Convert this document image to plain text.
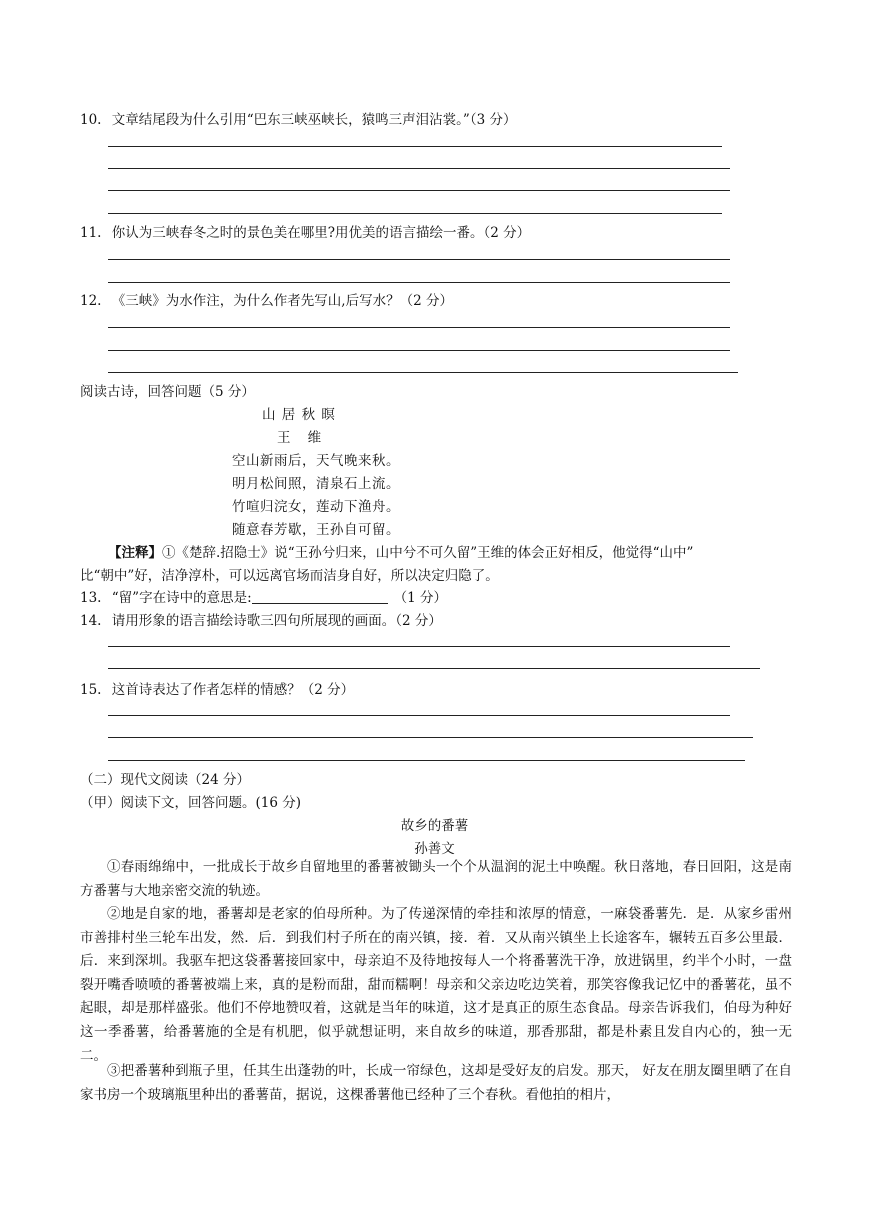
10. 文章结尾段为什么引用“巴东三峡巫峡长，猿鸣三声泪沾裳。”（3 分）
11. 你认为三峡春冬之时的景色美在哪里?用优美的语言描绘一番。（2 分）
12. 《三峡》为水作注，为什么作者先写山,后写水？（2 分）
阅读古诗，回答问题（5 分）
山 居 秋 暝
王    维
空山新雨后，天气晚来秋。
明月松间照，清泉石上流。
竹喧归浣女，莲动下渔舟。
随意春芳歇，王孙自可留。
【注释】①《楚辞.招隐士》说“王孙兮归来，山中兮不可久留”王维的体会正好相反，他觉得“山中”
比“朝中”好，洁净淳朴，可以远离官场而洁身自好，所以决定归隐了。
13. “留”字在诗中的意思是:	（1 分）
14. 请用形象的语言描绘诗歌三四句所展现的画面。（2 分）
15. 这首诗表达了作者怎样的情感？（2 分）
（二）现代文阅读（24 分）
（甲）阅读下文，回答问题。(16 分)
故乡的番薯
孙善文
①春雨绵绵中，一批成长于故乡自留地里的番薯被锄头一个个从温润的泥土中唤醒。秋日落地，春日回阳，这是南方番薯与大地亲密交流的轨迹。
②地是自家的地，番薯却是老家的伯母所种。为了传递深情的牵挂和浓厚的情意，一麻袋番薯先．是．从家乡雷州市善排村坐三轮车出发，然．后．到我们村子所在的南兴镇，接．着．又从南兴镇坐上长途客车，辗转五百多公里最．后．来到深圳。我驱车把这袋番薯接回家中，母亲迫不及待地按每人一个将番薯洗干净，放进锅里，约半个小时，一盘裂开嘴香喷喷的番薯被端上来，真的是粉而甜，甜而糯啊！母亲和父亲边吃边笑着，那笑容像我记忆中的番薯花，虽不起眼，却是那样盛张。他们不停地赞叹着，这就是当年的味道，这才是真正的原生态食品。母亲告诉我们，伯母为种好这一季番薯，给番薯施的全是有机肥，似乎就想证明，来自故乡的味道，那香那甜，都是朴素且发自内心的，独一无二。
③把番薯种到瓶子里，任其生出蓬勃的叶，长成一帘绿色，这却是受好友的启发。那天， 好友在朋友圈里晒了在自家书房一个玻璃瓶里种出的番薯苗，据说，这棵番薯他已经种了三个春秋。看他拍的相片，
